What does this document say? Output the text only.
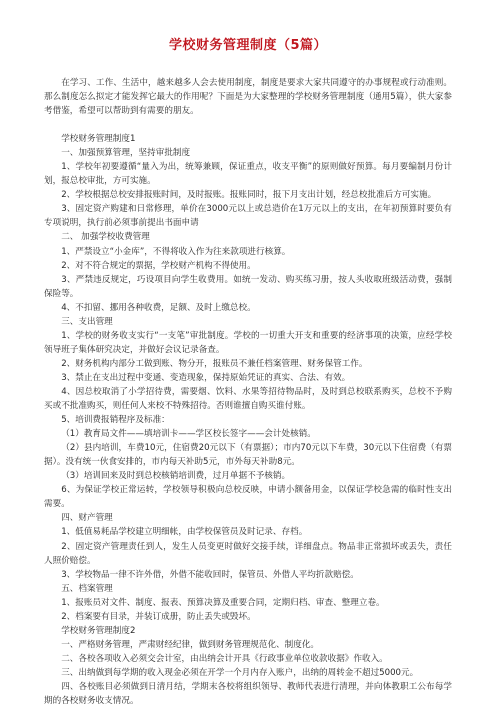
学校财务管理制度（5篇）

在学习、工作、生活中，越来越多人会去使用制度，制度是要求大家共同遵守的办事规程或行动准则。那么制度怎么拟定才能发挥它最大的作用呢？下面是为大家整理的学校财务管理制度（通用5篇），供大家参考借鉴，希望可以帮助到有需要的朋友。

学校财务管理制度1

一、加强预算管理，坚持审批制度

1、学校年初要遵循“量入为出，统筹兼顾，保证重点，收支平衡”的原则做好预算。每月要编制月份计划，报总校审批，方可实施。

2、学校根据总校安排报账时间，及时报账。报账同时，报下月支出计划，经总校批准后方可实施。

3、固定资产购建和日常修理，单价在3000元以上或总造价在1万元以上的支出，在年初预算时要负有专项说明，执行前必须事前提出书面申请

二、 加强学校收费管理

1、严禁设立“小金库”，不得将收入作为往来款项进行核算。

2、对不符合规定的票据，学校财产机构不得使用。

3、严禁违反规定，巧设项目向学生收费用。如统一发动、购买练习册，按人头收取班级活动费，强制保险等。

4、不扣留、挪用各种收费，足额、及时上缴总校。

三、支出管理

1、学校的财务收支实行“一支笔”审批制度。学校的一切重大开支和重要的经济事项的决策，应经学校领导班子集体研究决定，并做好会议记录备查。

2、财务机构内部分工做到账、物分开，报账员不兼任档案管理、财务保管工作。

3、禁止在支出过程中变通、变造现象，保持原始凭证的真实、合法、有效。

4、因总校取消了小学招待费，需要烟、饮料、水果等招待物品时，及时到总校联系购买，总校不予购买或不批准购买，则任何人来校不特殊招待。否则谁擅自购买谁付账。

5、培训费报销程序及标准：

（1）教育局文件——填培训卡——学区校长签字——会计处核销。

（2）县内培训，车费10元，住宿费20元以下（有票据）；市内70元以下车费，30元以下住宿费（有票据）。没有统一伙食安排的，市内每天补助5元，市外每天补助8元。

（3）培训回来及时到总校核销培训费，过月单据不予核销。

6、为保证学校正常运转，学校领导积极向总校反映，申请小额备用金，以保证学校急需的临时性支出需要。

四、财产管理

1、低值易耗品学校建立明细帐，由学校保管员及时记录、存档。

2、固定资产管理责任到人，发生人员变更时做好交接手续，详细盘点。物品非正常损坏或丢失，责任人照价赔偿。

3、学校物品一律不许外借，外借不能收回时，保管员、外借人平均折款赔偿。

五、档案管理

1、报账员对文件、制度、报表、预算决算及重要合同，定期归档、审查、整理立卷。

2、档案要有目录，并装订成册，防止丢失或毁坏。

学校财务管理制度2

一、严格财务管理，严肃财经纪律，做到财务管理规范化、制度化。

二、各校各项收入必须交会计室，由出纳会计开具《行政事业单位收款收据》作收入。

三、出纳做到每学期的收入现金必须在开学一个月内存入账户，出纳的周转金不超过5000元。

四、各校账目必须做到日清月结，学期末各校将组织领导、教师代表进行清理，并向体教职工公布每学期的各校财务收支情况。
